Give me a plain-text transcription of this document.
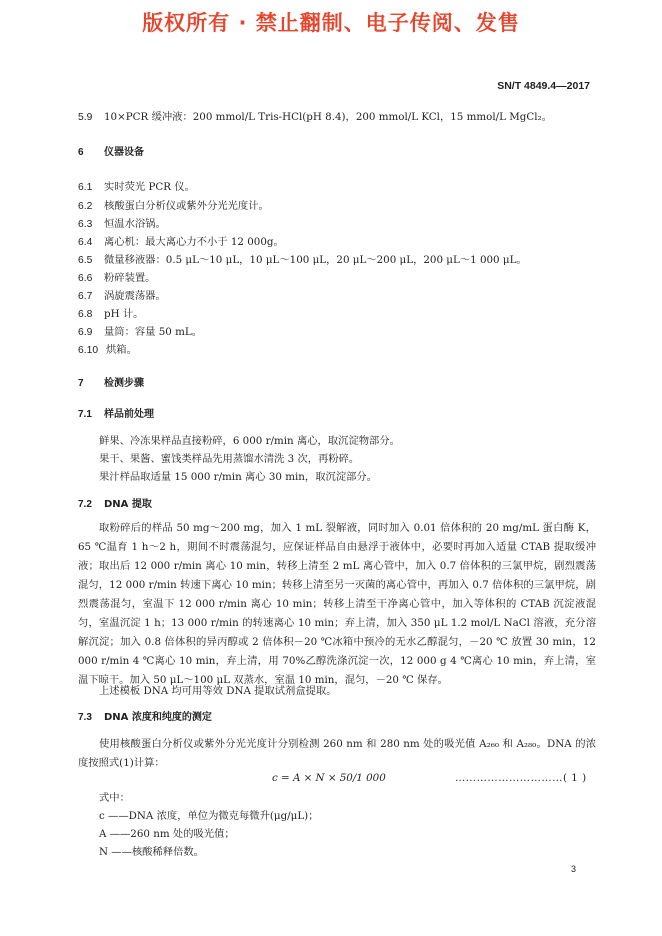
版权所有 · 禁止翻制、电子传阅、发售
SN/T 4849.4—2017
5.9 10×PCR 缓冲液：200 mmol/L Tris-HCl(pH 8.4)，200 mmol/L KCl，15 mmol/L MgCl₂。
6 仪器设备
6.1 实时荧光 PCR 仪。
6.2 核酸蛋白分析仪或紫外分光光度计。
6.3 恒温水浴锅。
6.4 离心机：最大离心力不小于 12 000g。
6.5 微量移液器：0.5 μL～10 μL，10 μL～100 μL，20 μL～200 μL，200 μL～1 000 μL。
6.6 粉碎装置。
6.7 涡旋震荡器。
6.8 pH 计。
6.9 量筒：容量 50 mL。
6.10 烘箱。
7 检测步骤
7.1 样品前处理
鲜果、冷冻果样品直接粉碎，6 000 r/min 离心，取沉淀物部分。
果干、果酱、蜜饯类样品先用蒸馏水清洗 3 次，再粉碎。
果汁样品取适量 15 000 r/min 离心 30 min，取沉淀部分。
7.2 DNA 提取
取粉碎后的样品 50 mg～200 mg，加入 1 mL 裂解液，同时加入 0.01 倍体积的 20 mg/mL 蛋白酶 K，65 ℃温育 1 h～2 h，期间不时震荡混匀，应保证样品自由悬浮于液体中，必要时再加入适量 CTAB 提取缓冲液；取出后 12 000 r/min 离心 10 min，转移上清至 2 mL 离心管中，加入 0.7 倍体积的三氯甲烷，剧烈震荡混匀，12 000 r/min 转速下离心 10 min；转移上清至另一灭菌的离心管中，再加入 0.7 倍体积的三氯甲烷，剧烈震荡混匀，室温下 12 000 r/min 离心 10 min；转移上清至干净离心管中，加入等体积的 CTAB 沉淀液混匀，室温沉淀 1 h；13 000 r/min 的转速离心 10 min；弃上清，加入 350 μL 1.2 mol/L NaCl 溶液，充分溶解沉淀；加入 0.8 倍体积的异丙醇或 2 倍体积－20 ℃冰箱中预冷的无水乙醇混匀，－20 ℃ 放置 30 min，12 000 r/min 4 ℃离心 10 min，弃上清，用 70%乙醇洗涤沉淀一次，12 000 g 4 ℃离心 10 min，弃上清，室温下晾干。加入 50 μL～100 μL 双蒸水，室温 10 min，混匀，－20 ℃ 保存。
上述模板 DNA 均可用等效 DNA 提取试剂盒提取。
7.3 DNA 浓度和纯度的测定
使用核酸蛋白分析仪或紫外分光光度计分别检测 260 nm 和 280 nm 处的吸光值 A₂₆₀ 和 A₂₈₀。DNA 的浓度按照式(1)计算：
c = A × N × 50/1 000	…………………………( 1 )
式中：
c ——DNA 浓度，单位为微克每微升(μg/μL)；
A ——260 nm 处的吸光值；
N ——核酸稀释倍数。
3
